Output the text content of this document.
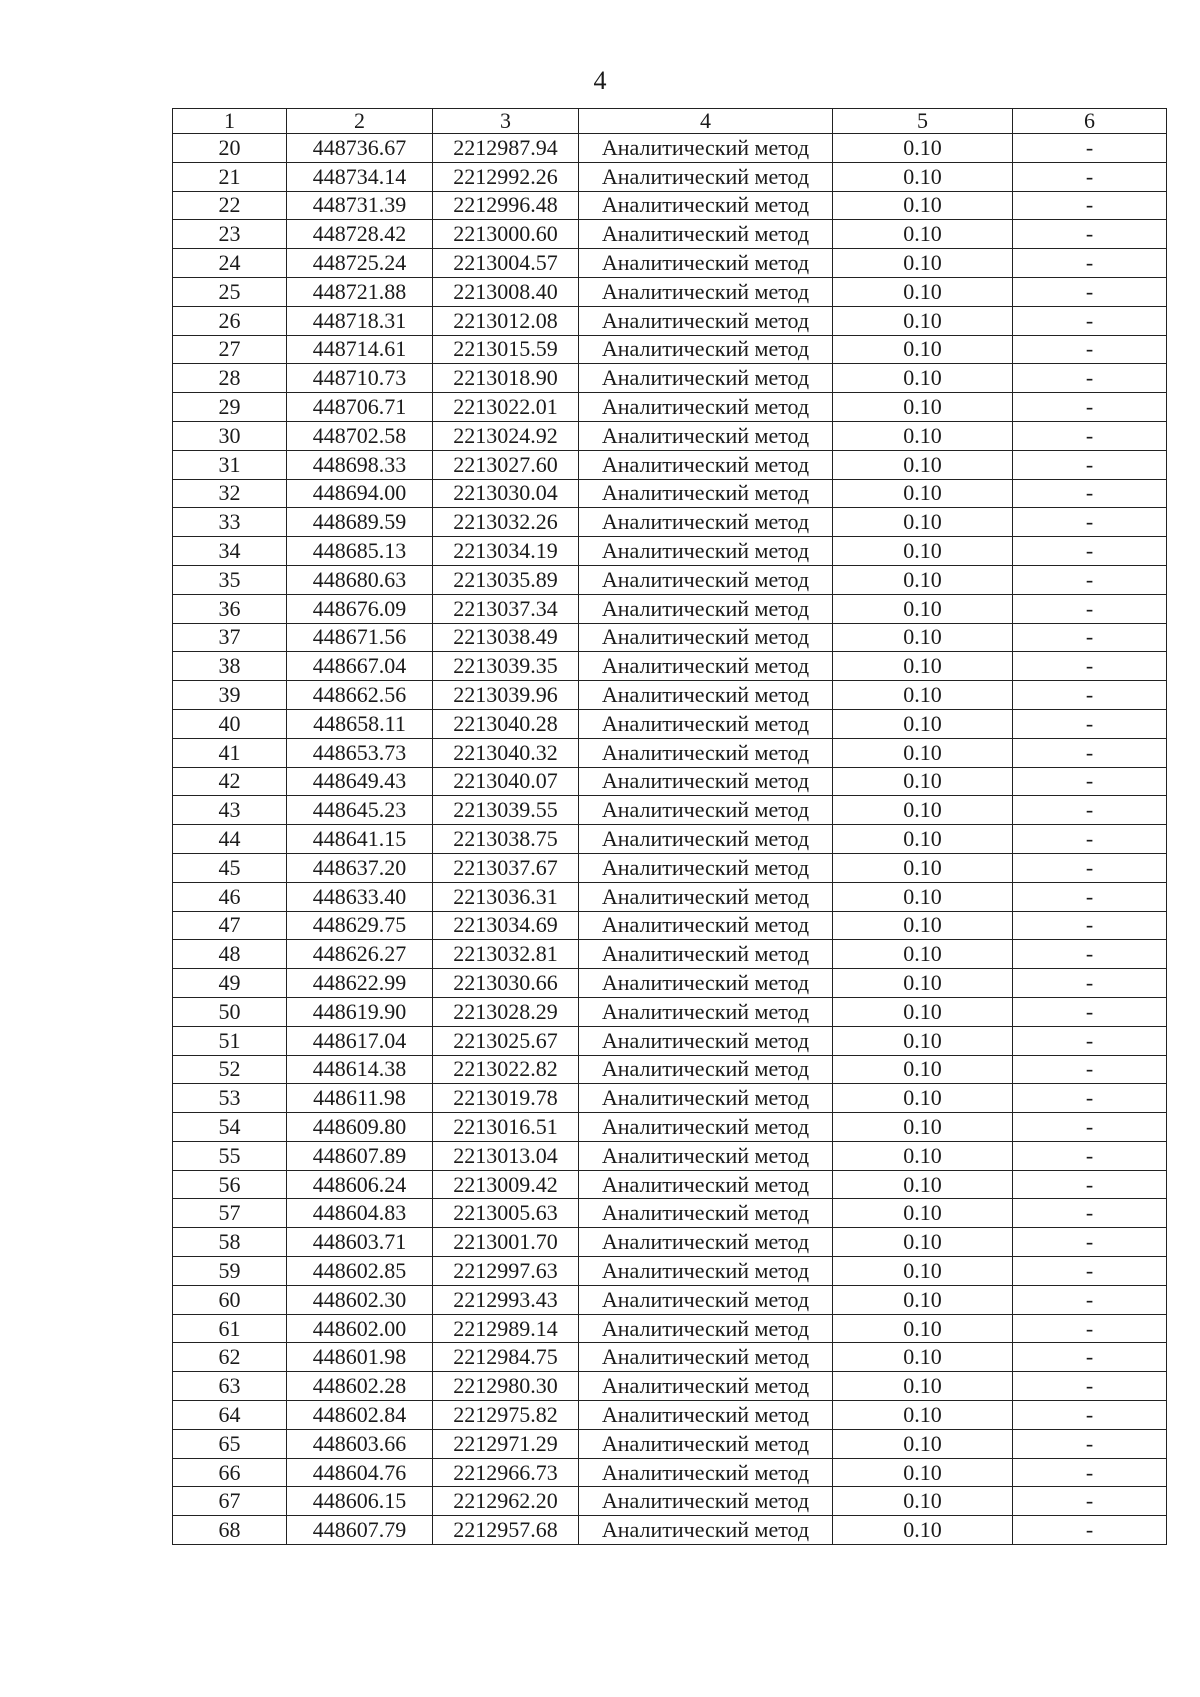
4
1	2	3	4	5	6
20	448736.67	2212987.94	Аналитический метод	0.10	-
21	448734.14	2212992.26	Аналитический метод	0.10	-
22	448731.39	2212996.48	Аналитический метод	0.10	-
23	448728.42	2213000.60	Аналитический метод	0.10	-
24	448725.24	2213004.57	Аналитический метод	0.10	-
25	448721.88	2213008.40	Аналитический метод	0.10	-
26	448718.31	2213012.08	Аналитический метод	0.10	-
27	448714.61	2213015.59	Аналитический метод	0.10	-
28	448710.73	2213018.90	Аналитический метод	0.10	-
29	448706.71	2213022.01	Аналитический метод	0.10	-
30	448702.58	2213024.92	Аналитический метод	0.10	-
31	448698.33	2213027.60	Аналитический метод	0.10	-
32	448694.00	2213030.04	Аналитический метод	0.10	-
33	448689.59	2213032.26	Аналитический метод	0.10	-
34	448685.13	2213034.19	Аналитический метод	0.10	-
35	448680.63	2213035.89	Аналитический метод	0.10	-
36	448676.09	2213037.34	Аналитический метод	0.10	-
37	448671.56	2213038.49	Аналитический метод	0.10	-
38	448667.04	2213039.35	Аналитический метод	0.10	-
39	448662.56	2213039.96	Аналитический метод	0.10	-
40	448658.11	2213040.28	Аналитический метод	0.10	-
41	448653.73	2213040.32	Аналитический метод	0.10	-
42	448649.43	2213040.07	Аналитический метод	0.10	-
43	448645.23	2213039.55	Аналитический метод	0.10	-
44	448641.15	2213038.75	Аналитический метод	0.10	-
45	448637.20	2213037.67	Аналитический метод	0.10	-
46	448633.40	2213036.31	Аналитический метод	0.10	-
47	448629.75	2213034.69	Аналитический метод	0.10	-
48	448626.27	2213032.81	Аналитический метод	0.10	-
49	448622.99	2213030.66	Аналитический метод	0.10	-
50	448619.90	2213028.29	Аналитический метод	0.10	-
51	448617.04	2213025.67	Аналитический метод	0.10	-
52	448614.38	2213022.82	Аналитический метод	0.10	-
53	448611.98	2213019.78	Аналитический метод	0.10	-
54	448609.80	2213016.51	Аналитический метод	0.10	-
55	448607.89	2213013.04	Аналитический метод	0.10	-
56	448606.24	2213009.42	Аналитический метод	0.10	-
57	448604.83	2213005.63	Аналитический метод	0.10	-
58	448603.71	2213001.70	Аналитический метод	0.10	-
59	448602.85	2212997.63	Аналитический метод	0.10	-
60	448602.30	2212993.43	Аналитический метод	0.10	-
61	448602.00	2212989.14	Аналитический метод	0.10	-
62	448601.98	2212984.75	Аналитический метод	0.10	-
63	448602.28	2212980.30	Аналитический метод	0.10	-
64	448602.84	2212975.82	Аналитический метод	0.10	-
65	448603.66	2212971.29	Аналитический метод	0.10	-
66	448604.76	2212966.73	Аналитический метод	0.10	-
67	448606.15	2212962.20	Аналитический метод	0.10	-
68	448607.79	2212957.68	Аналитический метод	0.10	-
